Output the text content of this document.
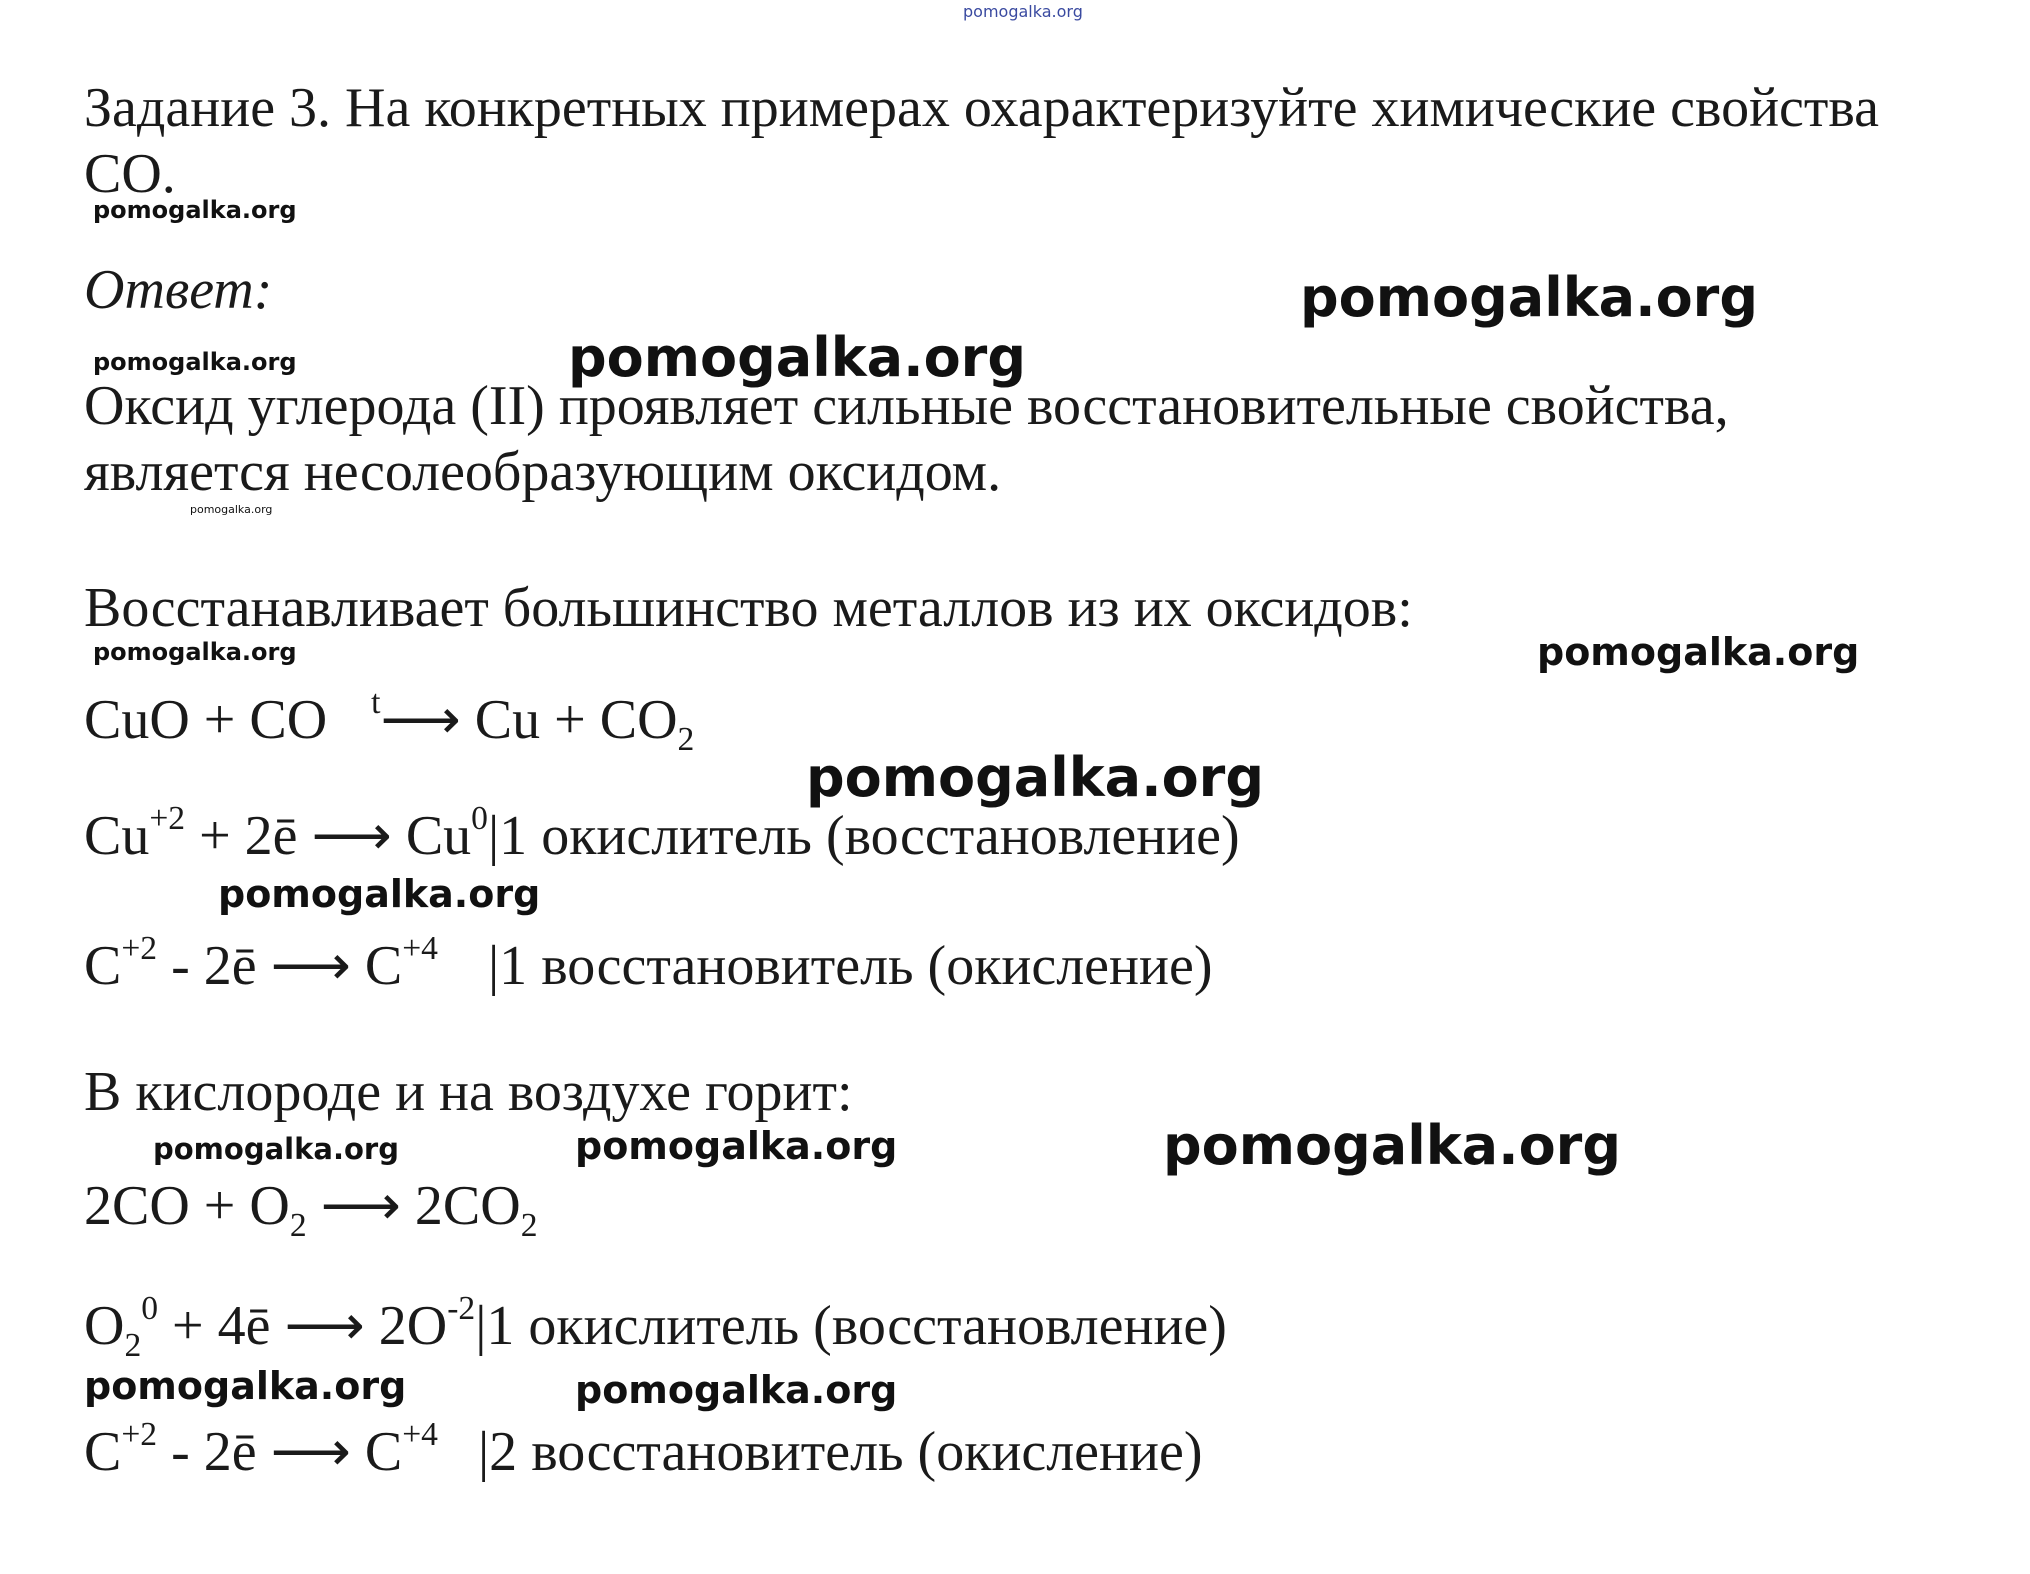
pomogalka.org
Задание 3. На конкретных примерах охарактеризуйте химические свойства
СО.
pomogalka.org
Ответ:	pomogalka.org
pomogalka.org	pomogalka.org
Оксид углерода (II) проявляет сильные восстановительные свойства,
является несолеобразующим оксидом.
pomogalka.org
Восстанавливает большинство металлов из их оксидов:
pomogalka.org	pomogalka.org
CuO + CO $^t$⟶ $Cu + CO_2$
pomogalka.org
$Cu^{+2}$ + 2ē ⟶ Cu$^0$|1 окислитель (восстановление)
pomogalka.org
$C^{+2}$ - 2ē ⟶ $C^{+4}$ |1 восстановитель (окисление)
В кислороде и на воздухе горит:
pomogalka.org	pomogalka.org	pomogalka.org
$2CO + O_2$ ⟶ $2CO_2$
$O_2^0$ + 4ē ⟶ $2O^{-2}|1$ окислитель (восстановление)
pomogalka.org	pomogalka.org
$C^{+2}$ - 2ē ⟶ $C^{+4}$ |2 восстановитель (окисление)
